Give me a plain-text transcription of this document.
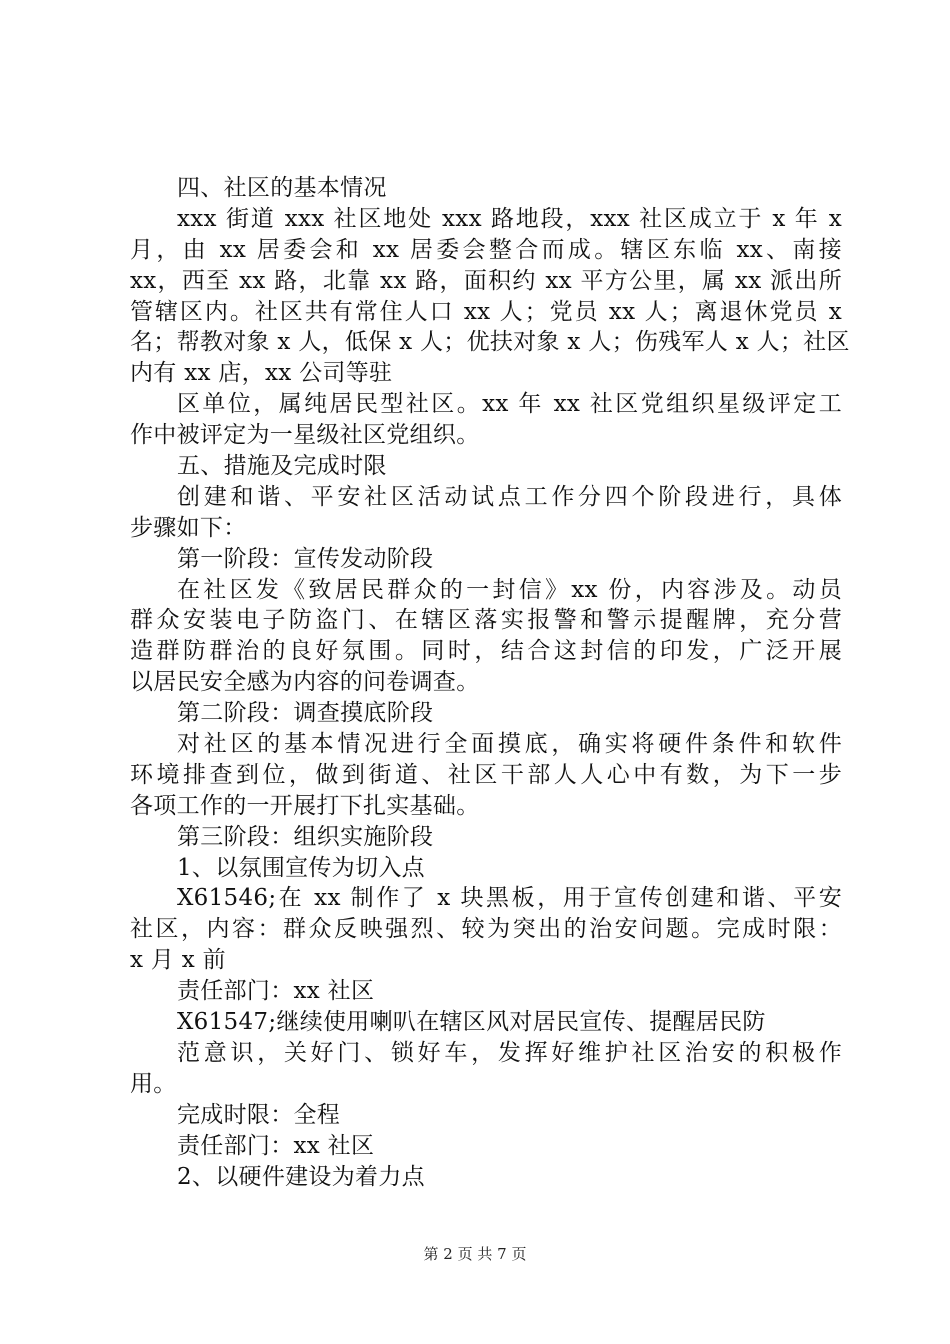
四、社区的基本情况
xxx 街道 xxx 社区地处 xxx 路地段，xxx 社区成立于 x 年 x
月，由 xx 居委会和 xx 居委会整合而成。辖区东临 xx、南接
xx，西至 xx 路，北靠 xx 路，面积约 xx 平方公里，属 xx 派出所
管辖区内。社区共有常住人口 xx 人；党员 xx 人；离退休党员 x
名；帮教对象 x 人，低保 x 人；优扶对象 x 人；伤残军人 x 人；社区
内有 xx 店，xx 公司等驻
区单位，属纯居民型社区。xx 年 xx 社区党组织星级评定工
作中被评定为一星级社区党组织。
五、措施及完成时限
创建和谐、平安社区活动试点工作分四个阶段进行，具体
步骤如下：
第一阶段：宣传发动阶段
在社区发《致居民群众的一封信》xx 份，内容涉及。动员
群众安装电子防盗门、在辖区落实报警和警示提醒牌，充分营
造群防群治的良好氛围。同时，结合这封信的印发，广泛开展
以居民安全感为内容的问卷调查。
第二阶段：调查摸底阶段
对社区的基本情况进行全面摸底，确实将硬件条件和软件
环境排查到位，做到街道、社区干部人人心中有数，为下一步
各项工作的一开展打下扎实基础。
第三阶段：组织实施阶段
1、以氛围宣传为切入点
X61546;在 xx 制作了 x 块黑板，用于宣传创建和谐、平安
社区，内容：群众反映强烈、较为突出的治安问题。完成时限：
x 月 x 前
责任部门：xx 社区
X61547;继续使用喇叭在辖区风对居民宣传、提醒居民防
范意识，关好门、锁好车，发挥好维护社区治安的积极作
用。
完成时限：全程
责任部门：xx 社区
2、以硬件建设为着力点
第 2 页 共 7 页
